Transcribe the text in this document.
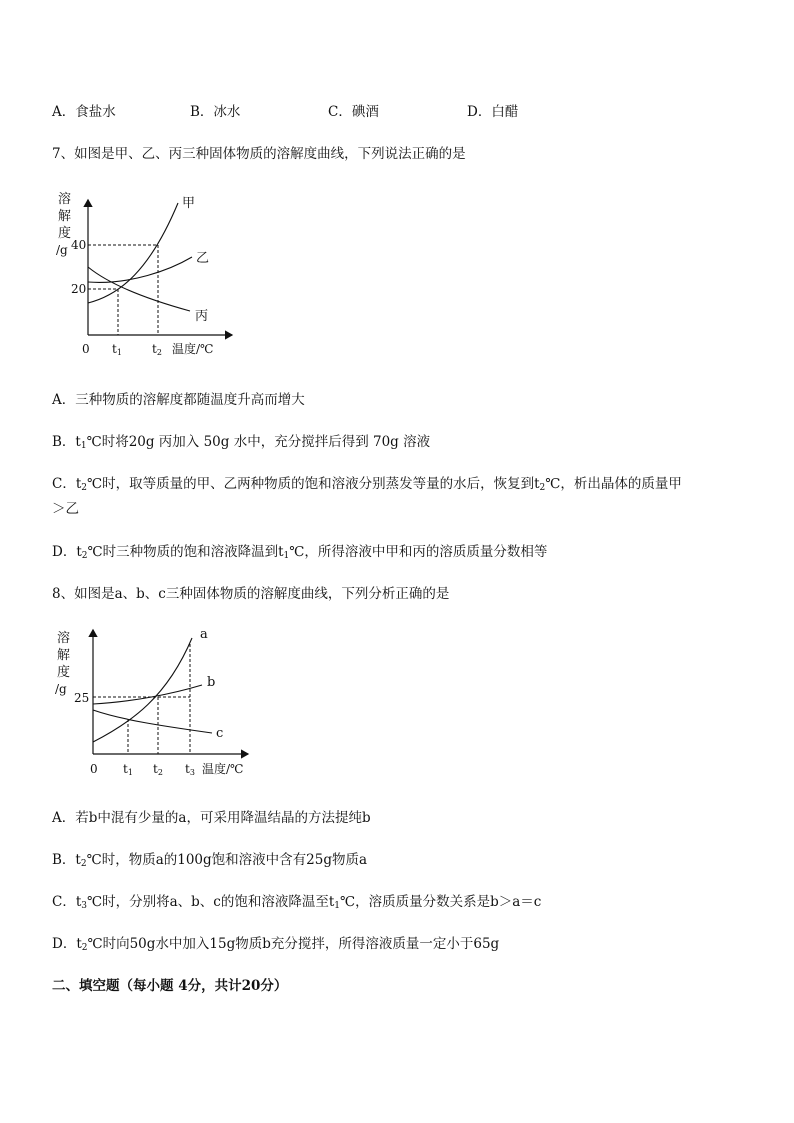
A．食盐水	B．冰水	C．碘酒	D．白醋
7、如图是甲、乙、丙三种固体物质的溶解度曲线，下列说法正确的是
溶
解
度
/g 40
20
0 t1	t2 温度/℃
甲
乙
丙
A．三种物质的溶解度都随温度升高而增大
B．$t_1℃$时将20g 丙加入 50g 水中，充分搅拌后得到 70g 溶液
C．$t_2℃$时，取等质量的甲、乙两种物质的饱和溶液分别蒸发等量的水后，恢复到$t_2℃$，析出晶体的质量甲
＞乙
D．$t_2℃$时三种物质的饱和溶液降温到$t_1℃$，所得溶液中甲和丙的溶质质量分数相等
8、如图是a、b、c三种固体物质的溶解度曲线，下列分析正确的是
溶
解
度
/g
25
0 t1 t2 t3 温度/℃
a
b
c
A．若b中混有少量的a，可采用降温结晶的方法提纯b
B．$t_2℃$时，物质a的100g饱和溶液中含有25g物质a
C．$t_3℃$时，分别将a、b、c的饱和溶液降温至$t_1℃$，溶质质量分数关系是b＞a＝c
D．$t_2℃$时向50g水中加入15g物质b充分搅拌，所得溶液质量一定小于65g
二、填空题（每小题 4分，共计20分）
